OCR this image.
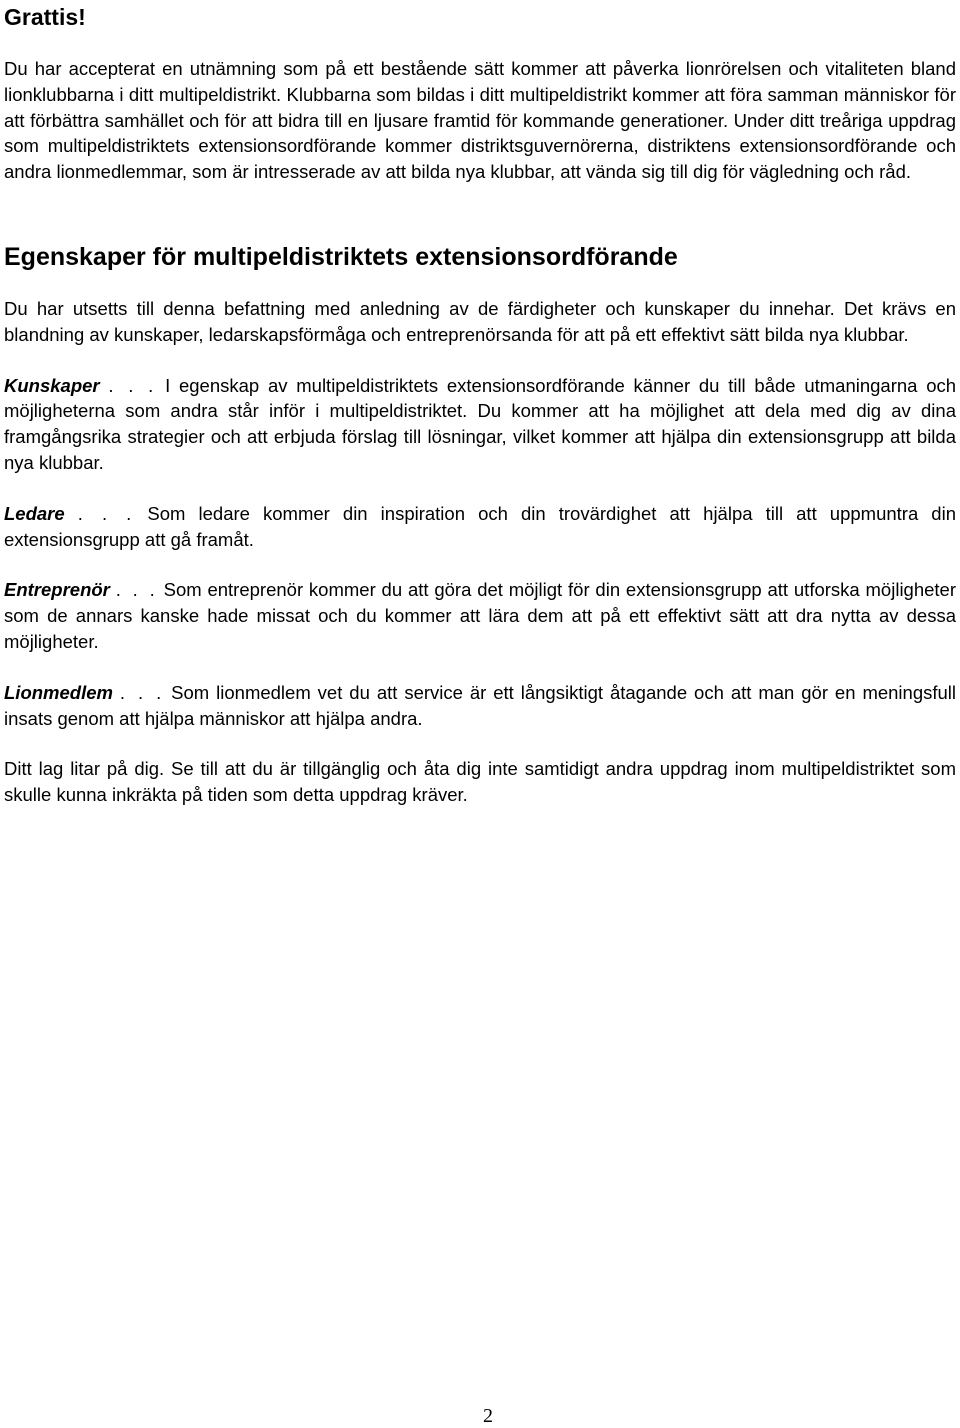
Grattis!

Du har accepterat en utnämning som på ett bestående sätt kommer att påverka lionrörelsen och vitaliteten bland lionklubbarna i ditt multipeldistrikt. Klubbarna som bildas i ditt multipeldistrikt kommer att föra samman människor för att förbättra samhället och för att bidra till en ljusare framtid för kommande generationer. Under ditt treåriga uppdrag som multipeldistriktets extensionsordförande kommer distriktsguvernörerna, distriktens extensionsordförande och andra lionmedlemmar, som är intresserade av att bilda nya klubbar, att vända sig till dig för vägledning och råd.

Egenskaper för multipeldistriktets extensionsordförande

Du har utsetts till denna befattning med anledning av de färdigheter och kunskaper du innehar. Det krävs en blandning av kunskaper, ledarskapsförmåga och entreprenörsanda för att på ett effektivt sätt bilda nya klubbar.

Kunskaper . . . I egenskap av multipeldistriktets extensionsordförande känner du till både utmaningarna och möjligheterna som andra står inför i multipeldistriktet. Du kommer att ha möjlighet att dela med dig av dina framgångsrika strategier och att erbjuda förslag till lösningar, vilket kommer att hjälpa din extensionsgrupp att bilda nya klubbar.

Ledare . . . Som ledare kommer din inspiration och din trovärdighet att hjälpa till att uppmuntra din extensionsgrupp att gå framåt.

Entreprenör . . . Som entreprenör kommer du att göra det möjligt för din extensionsgrupp att utforska möjligheter som de annars kanske hade missat och du kommer att lära dem att på ett effektivt sätt att dra nytta av dessa möjligheter.

Lionmedlem . . . Som lionmedlem vet du att service är ett långsiktigt åtagande och att man gör en meningsfull insats genom att hjälpa människor att hjälpa andra.

Ditt lag litar på dig. Se till att du är tillgänglig och åta dig inte samtidigt andra uppdrag inom multipeldistriktet som skulle kunna inkräkta på tiden som detta uppdrag kräver.

2
